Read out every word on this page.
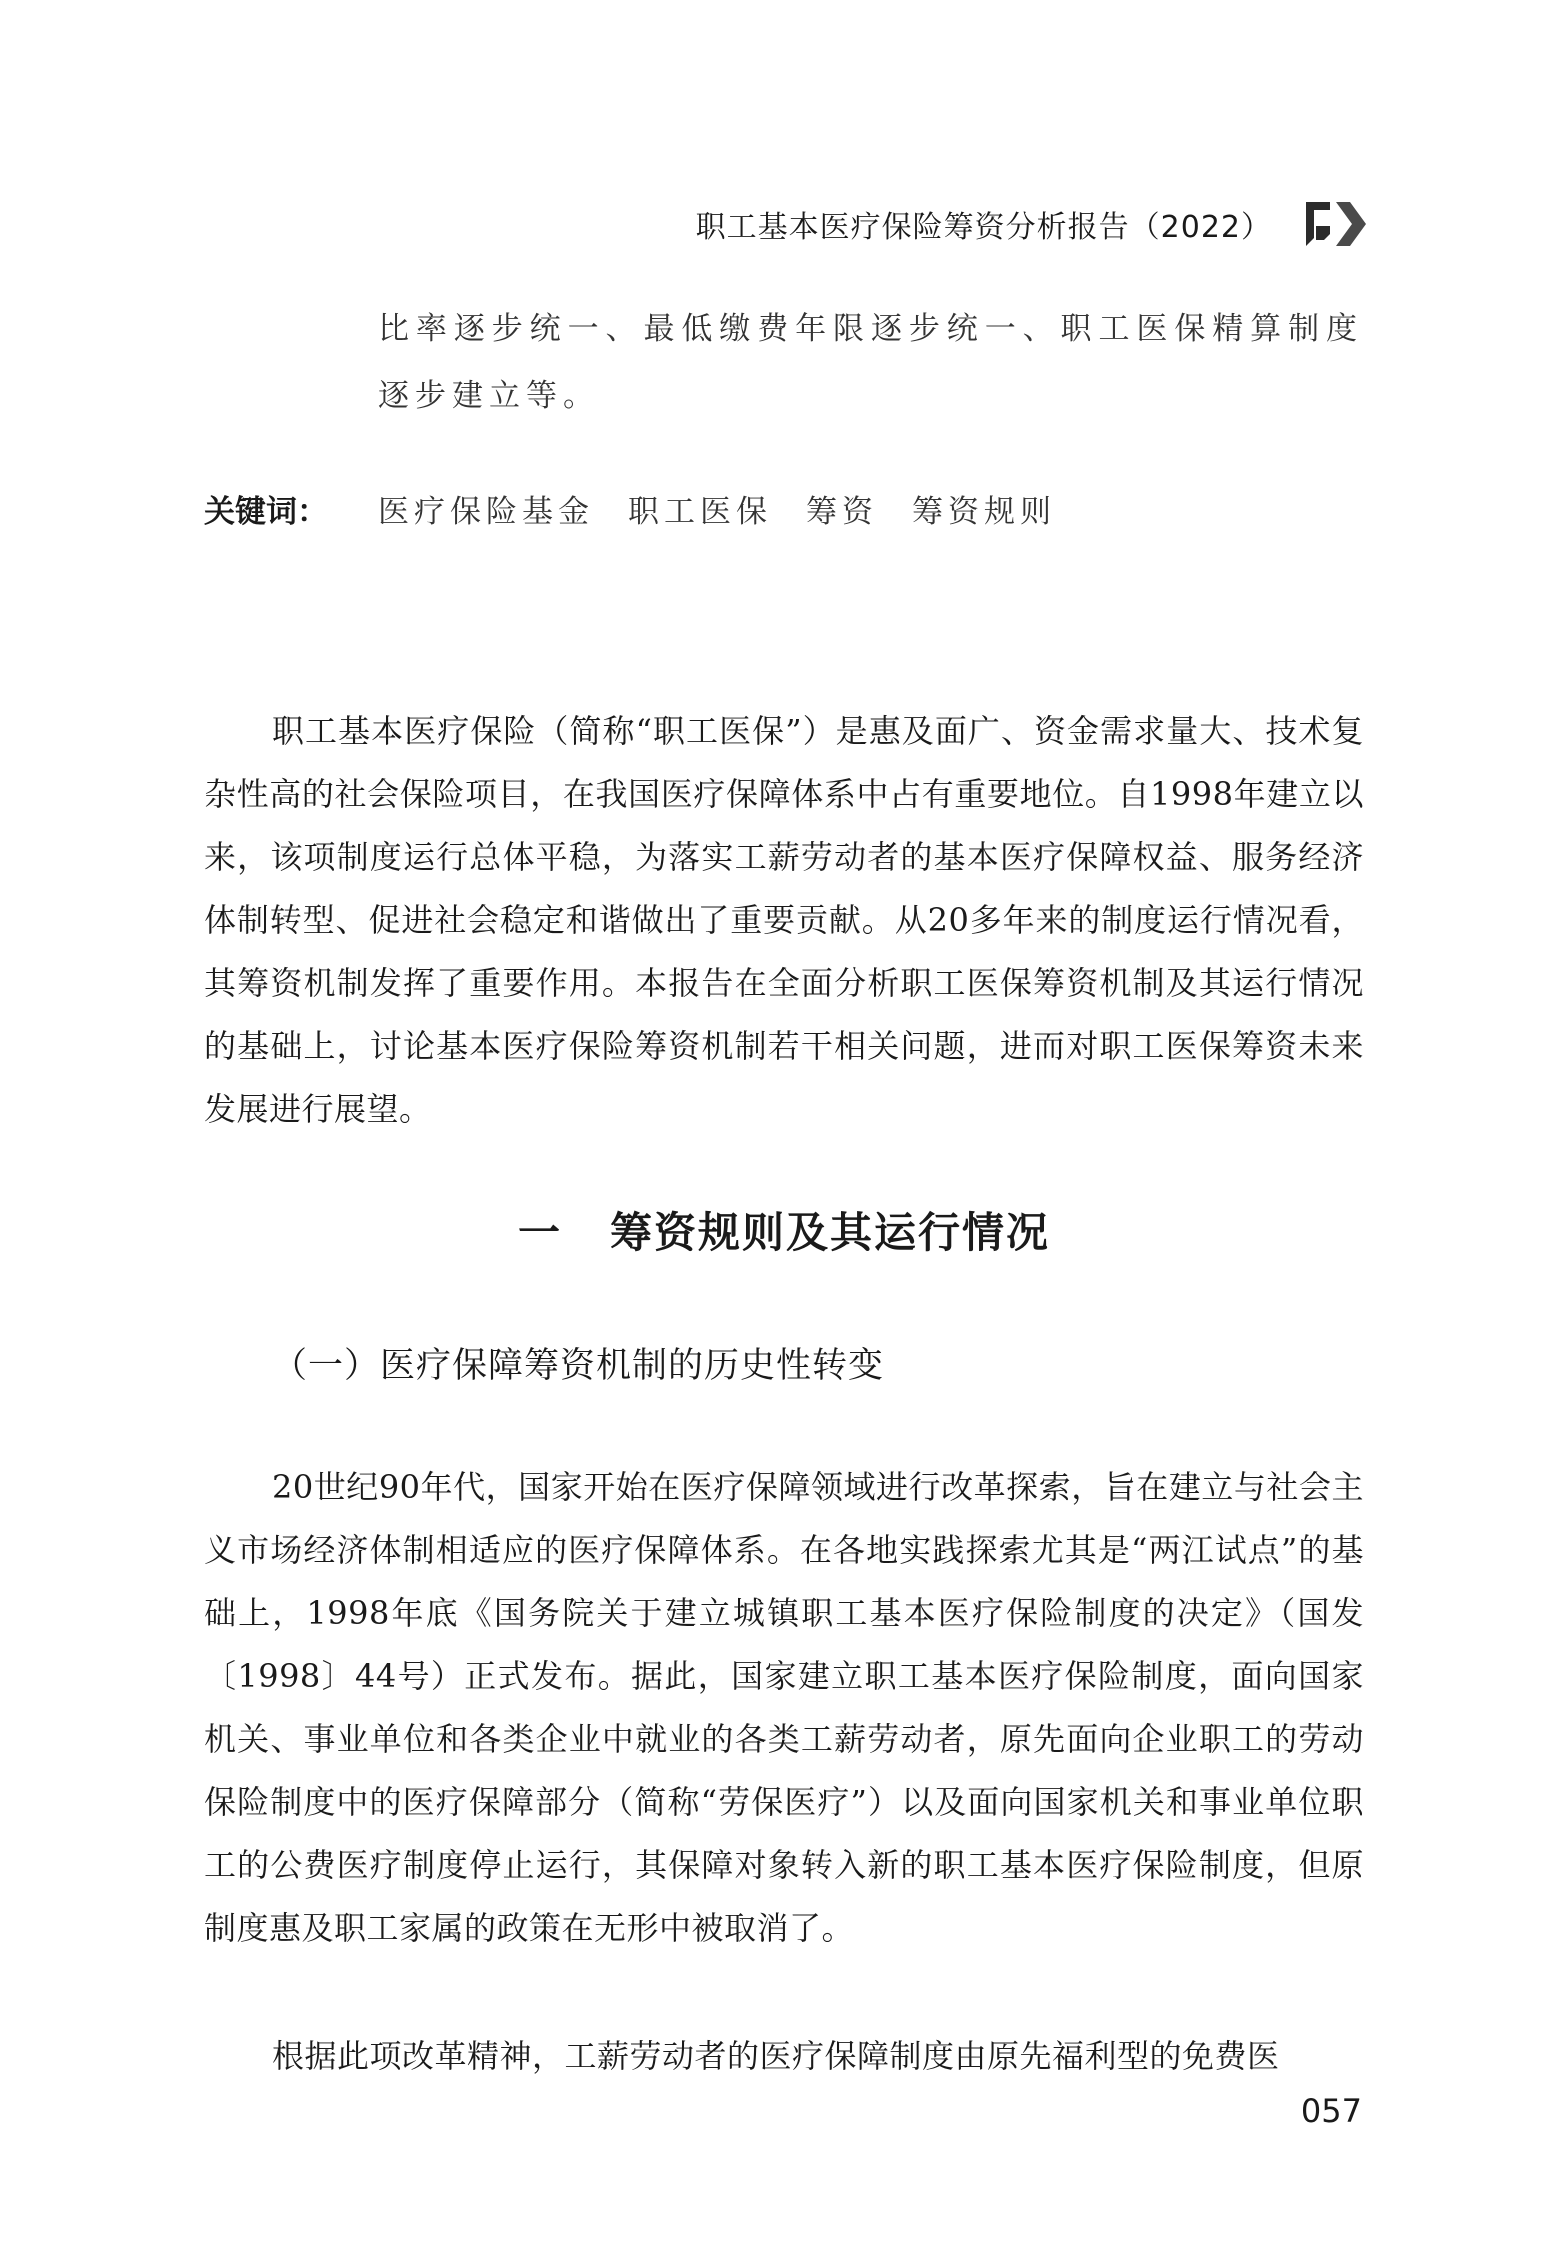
职工基本医疗保险筹资分析报告（2022）
比率逐步统一、最低缴费年限逐步统一、职工医保精算制度逐步建立等。
关键词： 医疗保险基金 职工医保 筹资 筹资规则

职工基本医疗保险（简称“职工医保”）是惠及面广、资金需求量大、技术复杂性高的社会保险项目，在我国医疗保障体系中占有重要地位。自1998年建立以来，该项制度运行总体平稳，为落实工薪劳动者的基本医疗保障权益、服务经济体制转型、促进社会稳定和谐做出了重要贡献。从20多年来的制度运行情况看，其筹资机制发挥了重要作用。本报告在全面分析职工医保筹资机制及其运行情况的基础上，讨论基本医疗保险筹资机制若干相关问题，进而对职工医保筹资未来发展进行展望。

一 筹资规则及其运行情况
（一）医疗保障筹资机制的历史性转变

20世纪90年代，国家开始在医疗保障领域进行改革探索，旨在建立与社会主义市场经济体制相适应的医疗保障体系。在各地实践探索尤其是“两江试点”的基础上，1998年底《国务院关于建立城镇职工基本医疗保险制度的决定》（国发〔1998〕44号）正式发布。据此，国家建立职工基本医疗保险制度，面向国家机关、事业单位和各类企业中就业的各类工薪劳动者，原先面向企业职工的劳动保险制度中的医疗保障部分（简称“劳保医疗”）以及面向国家机关和事业单位职工的公费医疗制度停止运行，其保障对象转入新的职工基本医疗保险制度，但原制度惠及职工家属的政策在无形中被取消了。

根据此项改革精神，工薪劳动者的医疗保障制度由原先福利型的免费医

057
